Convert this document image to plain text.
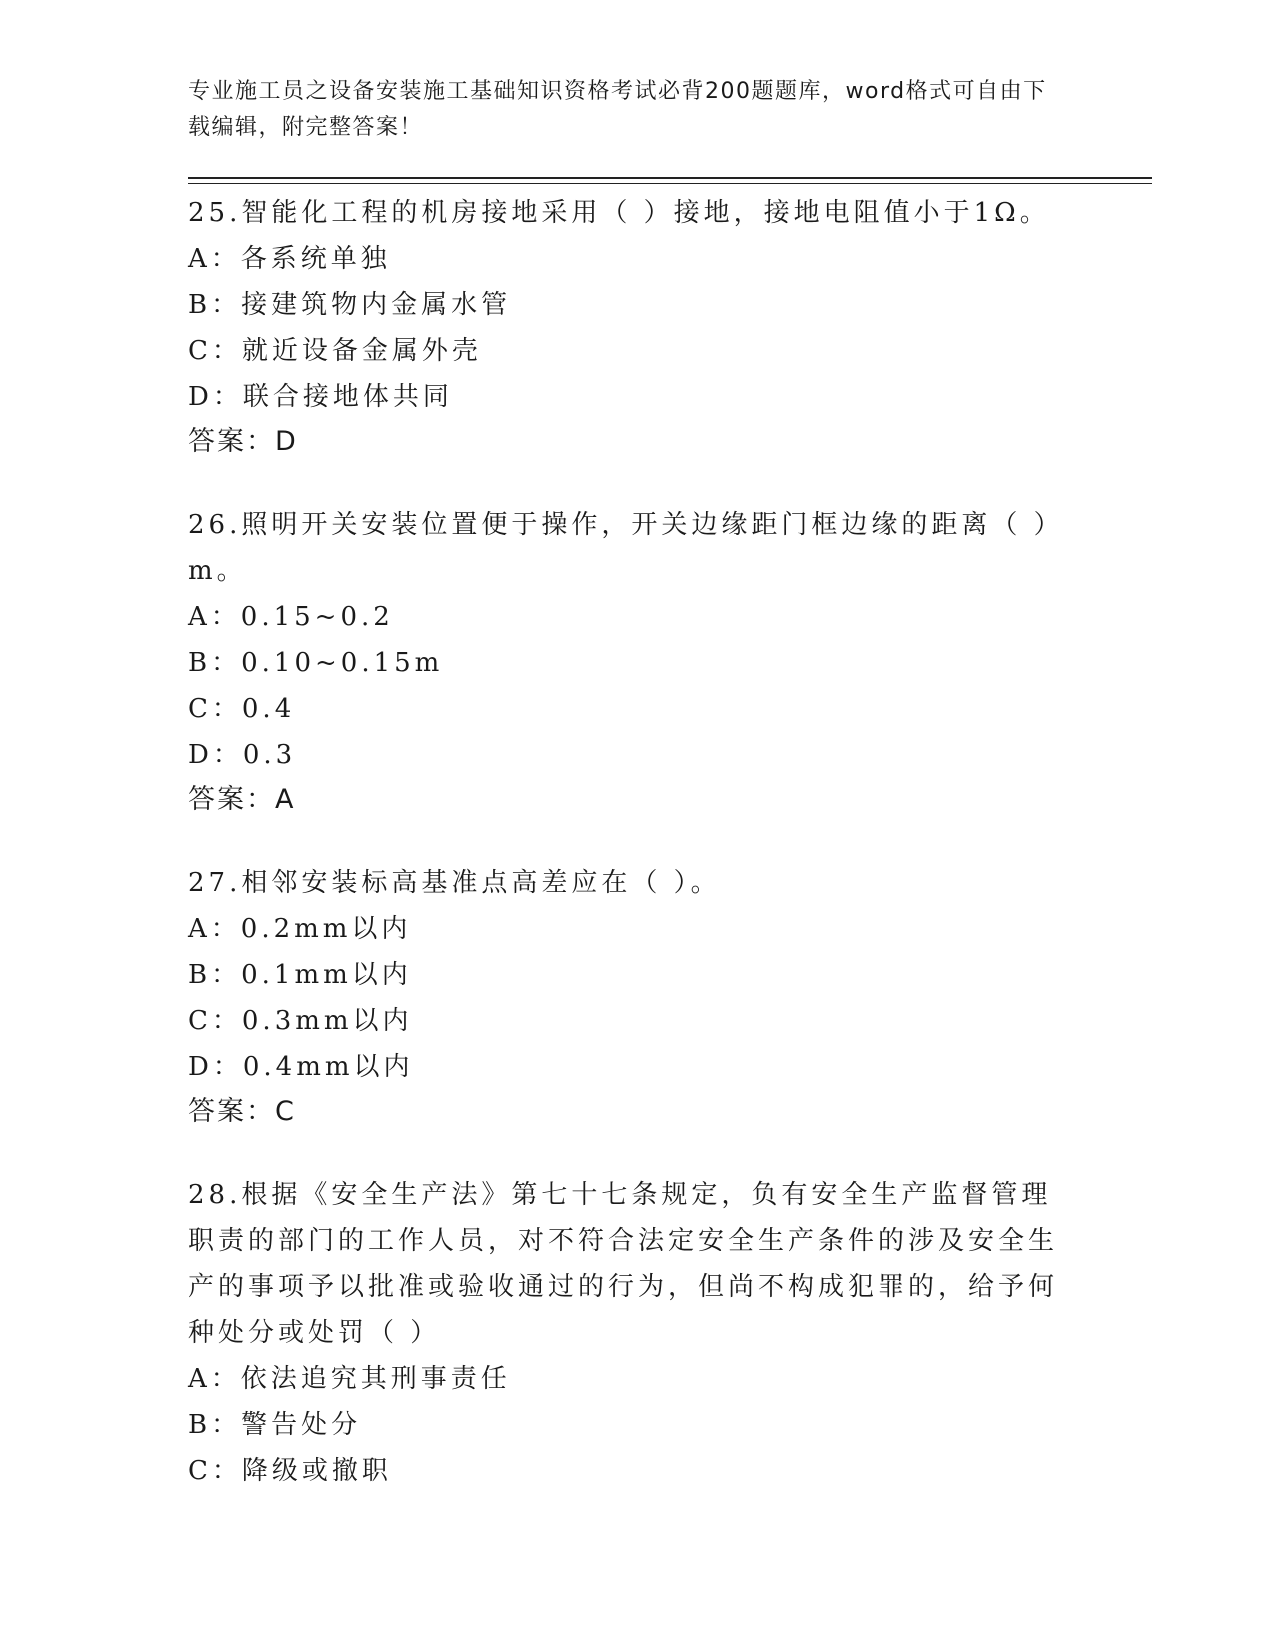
专业施工员之设备安装施工基础知识资格考试必背200题题库，word格式可自由下载编辑，附完整答案！
25.智能化工程的机房接地采用（ ）接地，接地电阻值小于1Ω。
A：各系统单独
B：接建筑物内金属水管
C：就近设备金属外壳
D：联合接地体共同
答案：D
26.照明开关安装位置便于操作，开关边缘距门框边缘的距离（ ）m。
A：0.15~0.2
B：0.10~0.15m
C：0.4
D：0.3
答案：A
27.相邻安装标高基准点高差应在（ ）。
A：0.2mm以内
B：0.1mm以内
C：0.3mm以内
D：0.4mm以内
答案：C
28.根据《安全生产法》第七十七条规定，负有安全生产监督管理职责的部门的工作人员，对不符合法定安全生产条件的涉及安全生产的事项予以批准或验收通过的行为，但尚不构成犯罪的，给予何种处分或处罚（ ）
A：依法追究其刑事责任
B：警告处分
C：降级或撤职
